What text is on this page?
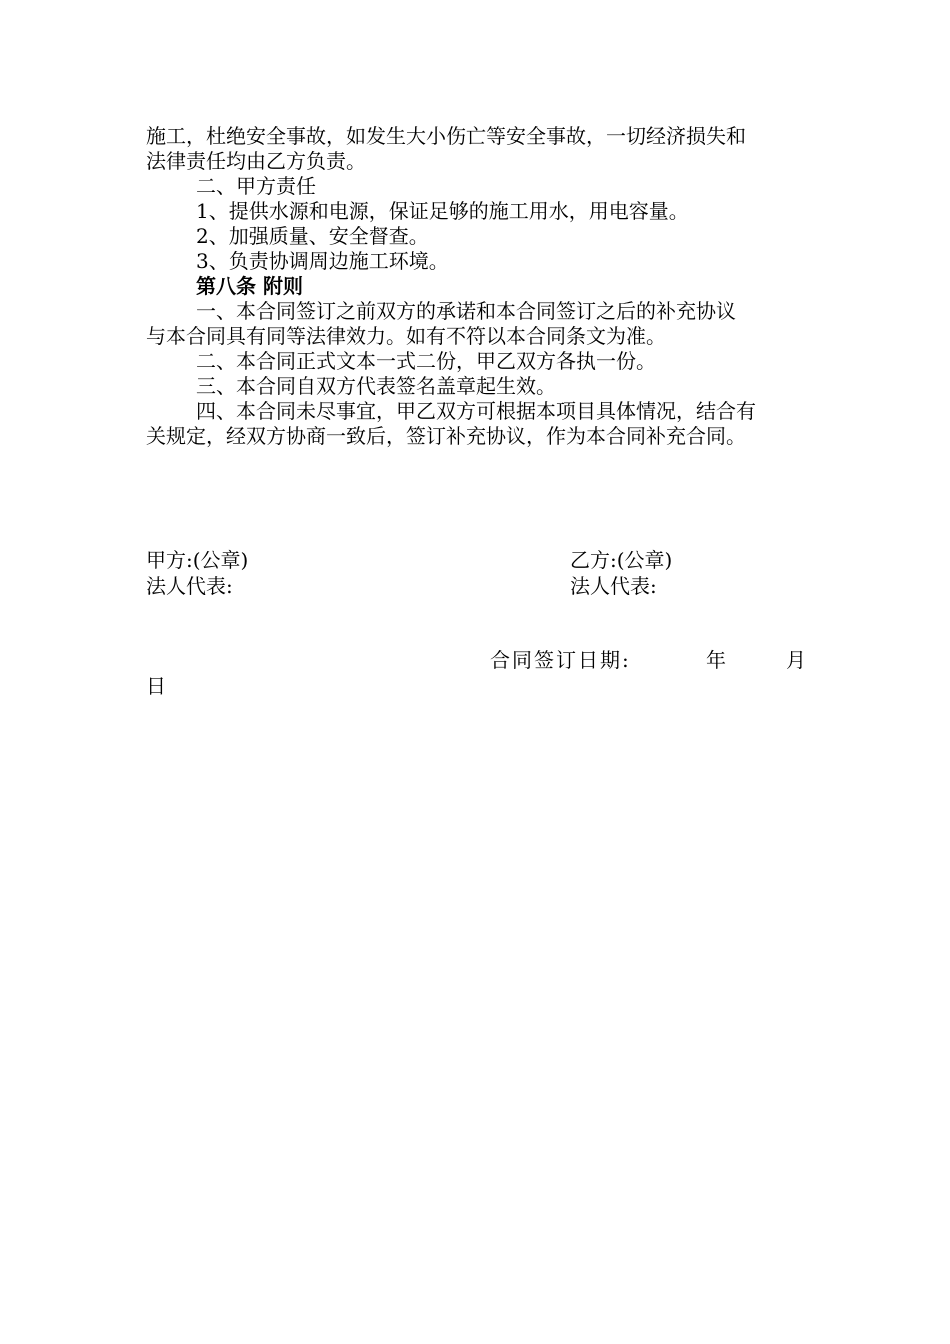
施工，杜绝安全事故，如发生大小伤亡等安全事故，一切经济损失和
法律责任均由乙方负责。
二、甲方责任
1、提供水源和电源，保证足够的施工用水，用电容量。
2、加强质量、安全督查。
3、负责协调周边施工环境。
第八条 附则
一、本合同签订之前双方的承诺和本合同签订之后的补充协议
与本合同具有同等法律效力。如有不符以本合同条文为准。
二、本合同正式文本一式二份，甲乙双方各执一份。
三、本合同自双方代表签名盖章起生效。
四、本合同未尽事宜，甲乙双方可根据本项目具体情况，结合有
关规定，经双方协商一致后，签订补充协议，作为本合同补充合同。
甲方:(公章)
法人代表:
乙方:(公章)
法人代表:
合同签订日期:	年	月
日
